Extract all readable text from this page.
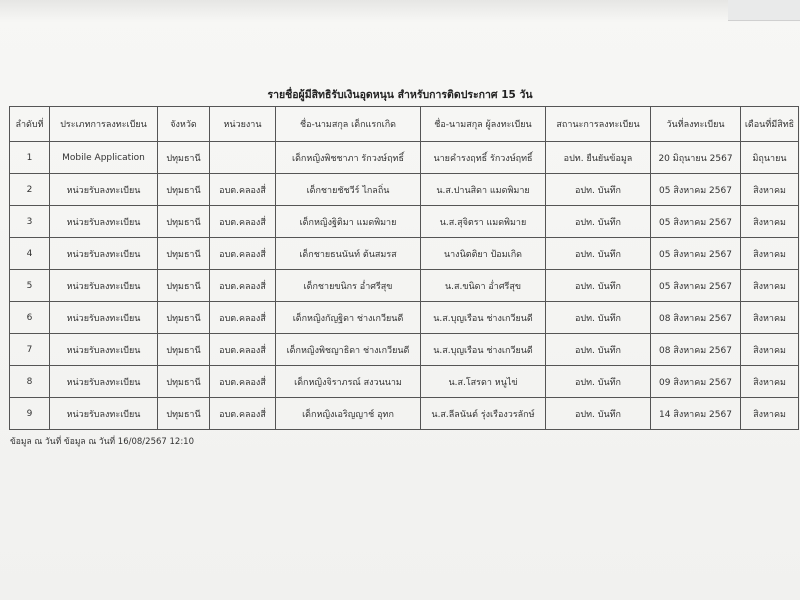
รายชื่อผู้มีสิทธิรับเงินอุดหนุน สำหรับการติดประกาศ 15 วัน
ลำดับที่	ประเภทการลงทะเบียน	จังหวัด	หน่วยงาน	ชื่อ-นามสกุล เด็กแรกเกิด	ชื่อ-นามสกุล ผู้ลงทะเบียน	สถานะการลงทะเบียน	วันที่ลงทะเบียน	เดือนที่มีสิทธิ
1	Mobile Application	ปทุมธานี		เด็กหญิงพิชชาภา รักวงษ์ฤทธิ์	นายคำรงฤทธิ์ รักวงษ์ฤทธิ์	อปท. ยืนยันข้อมูล	20 มิถุนายน 2567	มิถุนายน
2	หน่วยรับลงทะเบียน	ปทุมธานี	อบต.คลองสี่	เด็กชายชัชวีร์ ไกลถิ่น	น.ส.ปานสิดา แมดพิมาย	อปท. บันทึก	05 สิงหาคม 2567	สิงหาคม
3	หน่วยรับลงทะเบียน	ปทุมธานี	อบต.คลองสี่	เด็กหญิงฐิติมา แมดพิมาย	น.ส.สุจิตรา แมดพิมาย	อปท. บันทึก	05 สิงหาคม 2567	สิงหาคม
4	หน่วยรับลงทะเบียน	ปทุมธานี	อบต.คลองสี่	เด็กชายธนนันท์ ต้นสมรส	นางนิตติยา ป้อมเกิด	อปท. บันทึก	05 สิงหาคม 2567	สิงหาคม
5	หน่วยรับลงทะเบียน	ปทุมธานี	อบต.คลองสี่	เด็กชายขนิกร อ่ำศรีสุข	น.ส.ขนิดา อ่ำศรีสุข	อปท. บันทึก	05 สิงหาคม 2567	สิงหาคม
6	หน่วยรับลงทะเบียน	ปทุมธานี	อบต.คลองสี่	เด็กหญิงกัญฐิดา ช่างเกวียนดี	น.ส.บุญเรือน ช่างเกวียนดี	อปท. บันทึก	08 สิงหาคม 2567	สิงหาคม
7	หน่วยรับลงทะเบียน	ปทุมธานี	อบต.คลองสี่	เด็กหญิงพิชญาธิดา ช่างเกวียนดี	น.ส.บุญเรือน ช่างเกวียนดี	อปท. บันทึก	08 สิงหาคม 2567	สิงหาคม
8	หน่วยรับลงทะเบียน	ปทุมธานี	อบต.คลองสี่	เด็กหญิงจิราภรณ์ สงวนนาม	น.ส.โสรดา หนูไข่	อปท. บันทึก	09 สิงหาคม 2567	สิงหาคม
9	หน่วยรับลงทะเบียน	ปทุมธานี	อบต.คลองสี่	เด็กหญิงเอริญญาช์ อุทก	น.ส.ลีลนันต์ รุ่งเรืองวรลักษ์	อปท. บันทึก	14 สิงหาคม 2567	สิงหาคม
ข้อมูล ณ วันที่ ข้อมูล ณ วันที่ 16/08/2567 12:10
